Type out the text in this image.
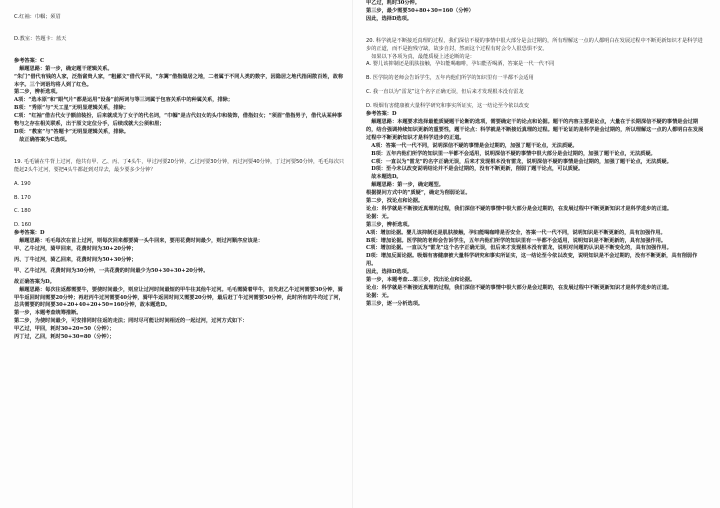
C.红袖：巾帼；须眉

D.教室：答题卡：蓝天

参考答案：C

　解题思路：第一步，确定题干逻辑关系。

“朱门”借代有钱的人家，泛指富贵人家，“粗鄙文”借代平民，“东篱”借指隐居之地，二者属于不同人类的数字，因隐居之地代指闲散百姓，故称本字。三个词语均将人到了红色。

第二步，辨析选项。

A项：“选本原”和“眼气片”都是运用“设备”前两词与等三词属于包容关系中的种属关系，排除；

B项：“秀原”与“天工星”无明显逻辑关系，排除；

C项：“红袖”借古代女子额前装扮，后来就成为了女子的代名词，“巾帼”是古代妇女的头巾和装饰，借指妇女；“须眉”借指男子，借代从某种事物与之存在相关联系，出于原文定位分手，后续成就大公须和眉；

D项：“教室”与“答题卡”无明显逻辑关系，排除。

　故正确答案为C选项。

19. 毛毛铺在牛背上过河，他共有甲、乙、丙、丁4头牛，甲过河要20分钟，乙过河要30分钟，丙过河要40分钟，丁过河要50分钟，毛毛每次只能赶2头牛过河，要把4头牛都赶到对岸去，最少要多少分钟？

A. 190

B. 170

C. 180

D. 160

参考答案：D

　解题思路：毛毛每次在首上过河，则每次回来都要骑一头牛回来，要用花费时间最少，则过河顺序应该是：

甲、乙牛过河，骑甲回来，花费时间为30+20分钟；

丙、丁牛过河，骑乙回来，花费时间为50+30分钟；

甲、乙牛过河，花费时间为30分钟，一共花费的时间最少为50+30+30+20分钟。

故正确答案为D。

　解题思路：每次往返都需要牛，要使时间最少，则应让过河时间最短的甲牛往其他牛过河。毛毛需骑着甲牛，首先赶乙牛过河需要30分钟，骑甲牛返回时间需要20分钟；再赶丙牛过河需要40分钟，骑甲牛返回时间又需要20分钟，最后赶丁牛过河需要50分钟，此时所有的牛均过了河，总共需要的时间要30+20+40+20+50=160分钟，故本题选D。

第一步，本题考查统筹推断。

第二步，为使时间最少，可安排同时往返的走法；同时尽可能让时间相近的一起过河，过河方式如下：

甲乙过，甲回，耗时30+20=50（分钟）；

丙丁过，乙回，耗时50+30=80（分钟）；

甲乙过，耗时30分钟。

第三步，最少需要50+80+30=160（分钟）

因此，选择D选项。

20. 科学就是不断接近真理的过程，我们深信不疑的事情中很大部分是会过期的，所有理解这一点的人都明白在发展过程中不断更新知识才是科学进步的正道，而不是抱残守缺，故步自封，然而这个过程有时会令人很恐惧不安。

　如果以下各项为真，最能质疑上述论断的是：

A. 婴儿该抑制还是肌肤接触，孕妇能喝咖啡，孕妇能否喝酒，答案是一代一代不同

B. 医学院的老师会告诉学生，五年内他们所学的知识里有一半都不会适用

C. 我一直以为“雷龙”这个名字正确无误，但后来才发现根本没有雷龙

D. 吸烟有害健康被大量科学研究和事实所证实，这一结论至今依以改变

参考答案：D

　解题思路：本题要求选择最能质疑题干论断的选项，需要确定干的论点和论据。题干的内容主要是论点，大量在于长期深信不疑的事情是会过期的，结合强调持续知识更新的重要性，题干论点：科学就是不断接近真理的过程。题干论证的是科学是会过期的，所以理解这一点的人都明白在发展过程中不断更新知识才是科学进步的正道。

　A项：答案一代一代不同，说明深信不疑的事情是会过期的，加强了题干论点，无法质疑。

　B项：五年内他们所学的知识里一半都不会适用，说明深信不疑的事情中很大部分是会过期的，加强了题干论点，无法质疑。

　C项：一直以为“雷龙”的名字正确无误，后来才发现根本没有雷龙，说明深信不疑的事情是会过期的，加强了题干论点，无法质疑。

　D项：至今未以改变说明结论并不是会过期的，没有不断更新，削弱了题干论点，可以质疑。

　故本题选D。

　解题思路：第一步，确定题型。

根据提问方式中的“质疑”，确定为削弱论证。

第二步，找论点和论据。

论点：科学就是不断接近真理的过程，我们深信不疑的事情中很大部分是会过期的，在发展过程中不断更新知识才是科学进步的正道。

论据：无。

第三步，辨析选项。

A项：增加论据。婴儿该抑制还是肌肤接触，孕妇能喝咖啡是否安全，答案一代一代不同，说明知识是不断更新的，具有加强作用。

B项：增加论据。医学院的老师会告诉学生，五年内他们所学的知识里有一半都不会适用，说明知识是不断更新的，具有加强作用。

C项：增加论据。一直以为“雷龙”这个名字正确无误，但后来才发现根本没有雷龙，说明对问题的认识是不断变化的，具有加强作用。

D项：增加反面论据。吸烟有害健康被大量科学研究和事实所证实，这一结论至今依以改变，说明知识是不会过期的，没有不断更新，具有削弱作用。

因此，选择D选项。

第一步，本题考查...第三步，找出论点和论据。

论点：科学就是不断接近真理的过程，我们深信不疑的事情中很大部分是会过期的，在发展过程中不断更新知识才是科学进步的正道。

论据：无。

第三步，逐一分析选项。
